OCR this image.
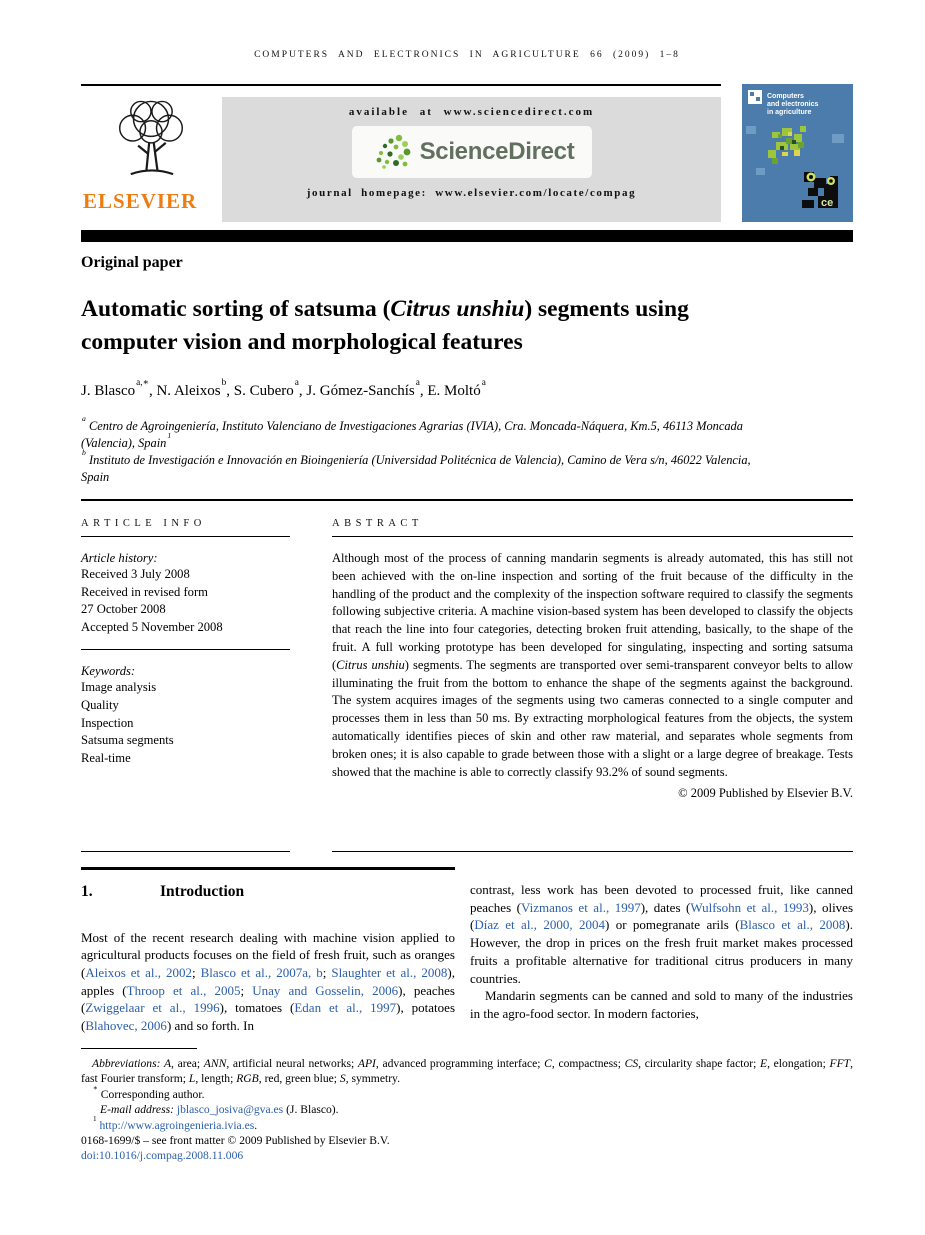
COMPUTERS AND ELECTRONICS IN AGRICULTURE 66 (2009) 1–8
ELSEVIER
available at www.sciencedirect.com
ScienceDirect
journal homepage: www.elsevier.com/locate/compag
Computers
and electronics
in agriculture
ce
Original paper
Automatic sorting of satsuma (Citrus unshiu) segments using computer vision and morphological features
J. Blasco$^{a,∗}$, N. Aleixos$^b$, S. Cubero$^a$, J. Gómez-Sanchís$^a$, E. Moltó$^a$
$^a$ Centro de Agroingeniería, Instituto Valenciano de Investigaciones Agrarias (IVIA), Cra. Moncada-Náquera, Km.5, 46113 Moncada (Valencia), Spain$^1$
$^b$ Instituto de Investigación e Innovación en Bioingeniería (Universidad Politécnica de Valencia), Camino de Vera s/n, 46022 Valencia, Spain
ARTICLE INFO
Article history:
Received 3 July 2008
Received in revised form
27 October 2008
Accepted 5 November 2008
Keywords:
Image analysis
Quality
Inspection
Satsuma segments
Real-time
ABSTRACT

Although most of the process of canning mandarin segments is already automated, this has still not been achieved with the on-line inspection and sorting of the fruit because of the difficulty in the handling of the product and the complexity of the inspection software required to classify the segments following subjective criteria. A machine vision-based system has been developed to classify the objects that reach the line into four categories, detecting broken fruit attending, basically, to the shape of the fruit. A full working prototype has been developed for singulating, inspecting and sorting satsuma (Citrus unshiu) segments. The segments are transported over semi-transparent conveyor belts to allow illuminating the fruit from the bottom to enhance the shape of the segments against the background. The system acquires images of the segments using two cameras connected to a single computer and processes them in less than 50 ms. By extracting morphological features from the objects, the system automatically identifies pieces of skin and other raw material, and separates whole segments from broken ones; it is also capable to grade between those with a slight or a large degree of breakage. Tests showed that the machine is able to correctly classify 93.2% of sound segments.

© 2009 Published by Elsevier B.V.
1.	Introduction

Most of the recent research dealing with machine vision applied to agricultural products focuses on the field of fresh fruit, such as oranges (Aleixos et al., 2002; Blasco et al., 2007a, b; Slaughter et al., 2008), apples (Throop et al., 2005; Unay and Gosselin, 2006), peaches (Zwiggelaar et al., 1996), tomatoes (Edan et al., 1997), potatoes (Blahovec, 2006) and so forth. In

contrast, less work has been devoted to processed fruit, like canned peaches (Vizmanos et al., 1997), dates (Wulfsohn et al., 1993), olives (Díaz et al., 2000, 2004) or pomegranate arils (Blasco et al., 2008). However, the drop in prices on the fresh fruit market makes processed fruits a profitable alternative for traditional citrus producers in many countries.

Mandarin segments can be canned and sold to many of the industries in the agro-food sector. In modern factories,

Abbreviations: A, area; ANN, artificial neural networks; API, advanced programming interface; C, compactness; CS, circularity shape factor; E, elongation; FFT, fast Fourier transform; L, length; RGB, red, green blue; S, symmetry.

∗ Corresponding author.

E-mail address: jblasco_josiva@gva.es (J. Blasco).

$^1$ http://www.agroingenieria.ivia.es.

0168-1699/$ – see front matter © 2009 Published by Elsevier B.V.

doi:10.1016/j.compag.2008.11.006
